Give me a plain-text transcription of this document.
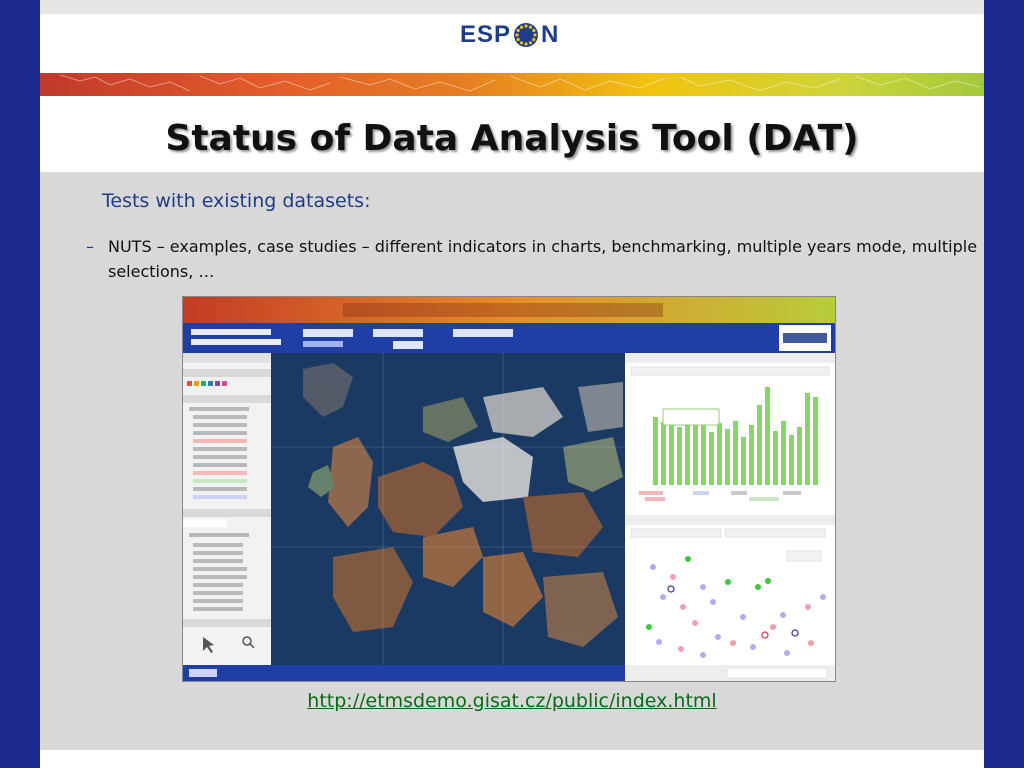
ESP N
Status of Data Analysis Tool (DAT)
Tests with existing datasets:
– NUTS – examples, case studies – different indicators in charts, benchmarking, multiple years mode, multiple selections, …
http://etmsdemo.gisat.cz/public/index.html
